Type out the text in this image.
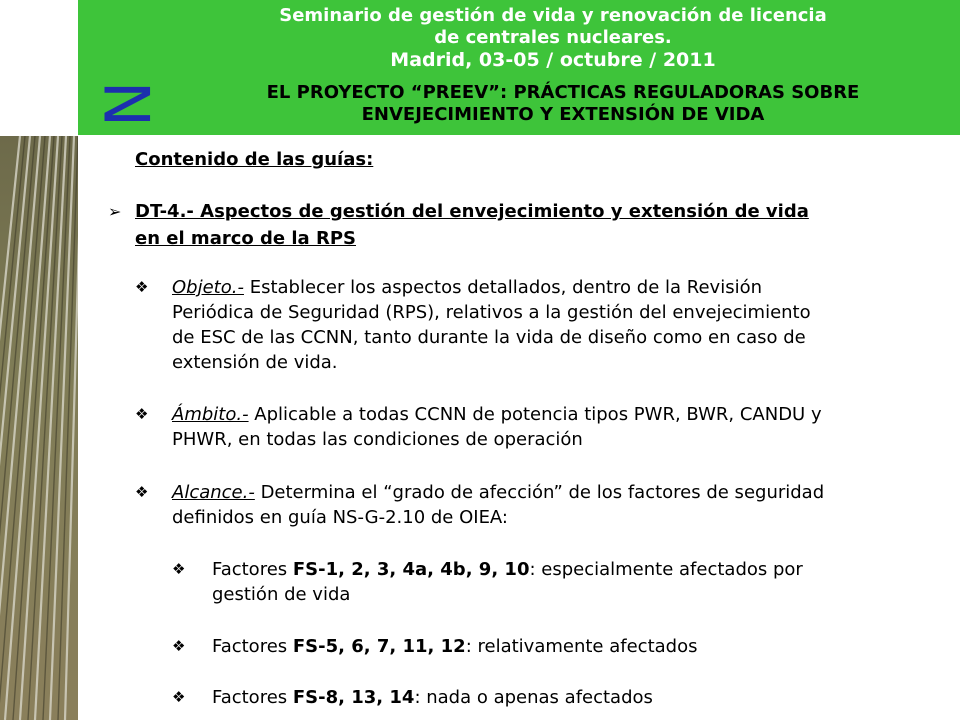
Seminario de gestión de vida y renovación de licencia
de centrales nucleares.
Madrid, 03-05 / octubre / 2011
EL PROYECTO “PREEV”: PRÁCTICAS REGULADORAS SOBRE
ENVEJECIMIENTO Y EXTENSIÓN DE VIDA
Contenido de las guías:
➢ DT-4.- Aspectos de gestión del envejecimiento y extensión de vida
en el marco de la RPS
❖ Objeto.- Establecer los aspectos detallados, dentro de la Revisión
Periódica de Seguridad (RPS), relativos a la gestión del envejecimiento
de ESC de las CCNN, tanto durante la vida de diseño como en caso de
extensión de vida.
❖ Ámbito.- Aplicable a todas CCNN de potencia tipos PWR, BWR, CANDU y
PHWR, en todas las condiciones de operación
❖ Alcance.- Determina el “grado de afección” de los factores de seguridad
definidos en guía NS-G-2.10 de OIEA:
❖ Factores FS-1, 2, 3, 4a, 4b, 9, 10: especialmente afectados por
gestión de vida
❖ Factores FS-5, 6, 7, 11, 12: relativamente afectados
❖ Factores FS-8, 13, 14: nada o apenas afectados
